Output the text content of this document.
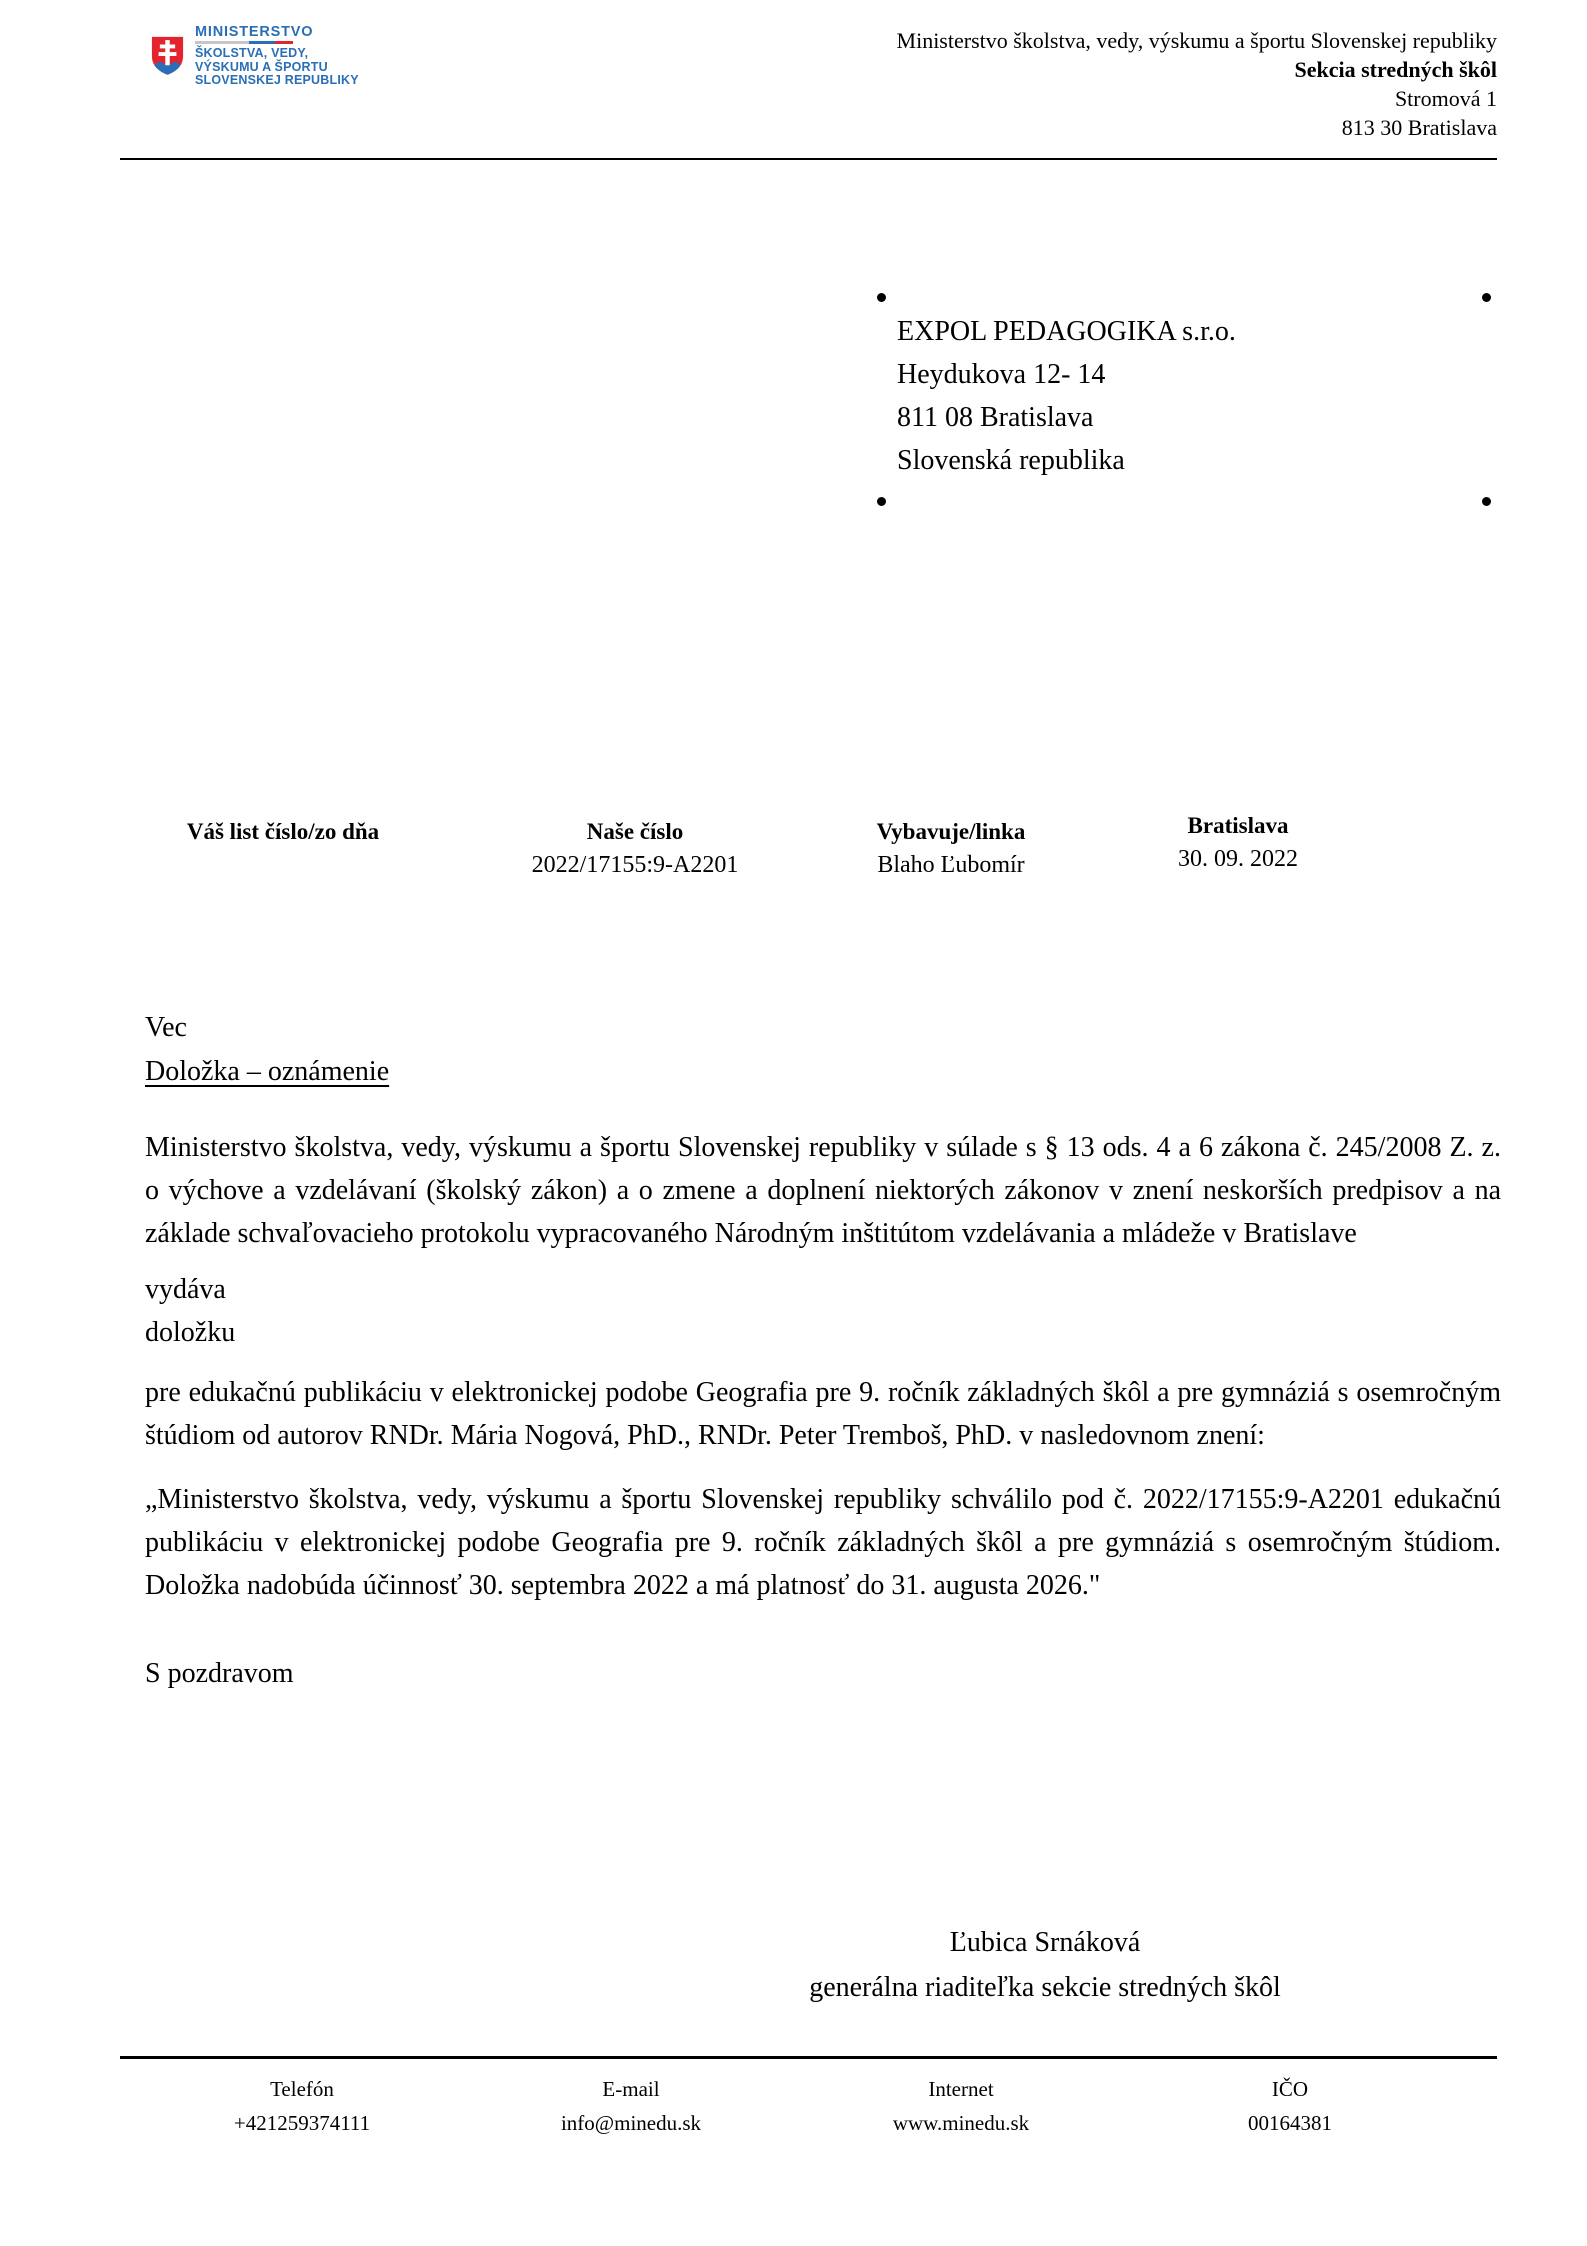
MINISTERSTVO
ŠKOLSTVA, VEDY,
VÝSKUMU A ŠPORTU
SLOVENSKEJ REPUBLIKY
Ministerstvo školstva, vedy, výskumu a športu Slovenskej republiky
Sekcia stredných škôl
Stromová 1
813 30 Bratislava
EXPOL PEDAGOGIKA s.r.o.
Heydukova 12- 14
811 08 Bratislava
Slovenská republika
Váš list číslo/zo dňa	Naše číslo
2022/17155:9-A2201
Vybavuje/linka
Blaho Ľubomír
Bratislava
30. 09. 2022
Vec
Doložka – oznámenie

Ministerstvo školstva, vedy, výskumu a športu Slovenskej republiky v súlade s § 13 ods. 4 a 6 zákona č. 245/2008 Z. z. o výchove a vzdelávaní (školský zákon) a o zmene a doplnení niektorých zákonov v znení neskorších predpisov a na základe schvaľovacieho protokolu vypracovaného Národným inštitútom vzdelávania a mládeže v Bratislave

vydáva
doložku

pre edukačnú publikáciu v elektronickej podobe Geografia pre 9. ročník základných škôl a pre gymnáziá s osemročným štúdiom od autorov RNDr. Mária Nogová, PhD., RNDr. Peter Tremboš, PhD. v nasledovnom znení:

„Ministerstvo školstva, vedy, výskumu a športu Slovenskej republiky schválilo pod č. 2022/17155:9-A2201 edukačnú publikáciu v elektronickej podobe Geografia pre 9. ročník základných škôl a pre gymnáziá s osemročným štúdiom. Doložka nadobúda účinnosť 30. septembra 2022 a má platnosť do 31. augusta 2026."

S pozdravom
Ľubica Srnáková
generálna riaditeľka sekcie stredných škôl
Telefón
+421259374111
E-mail
info@minedu.sk
Internet
www.minedu.sk
IČO
00164381
